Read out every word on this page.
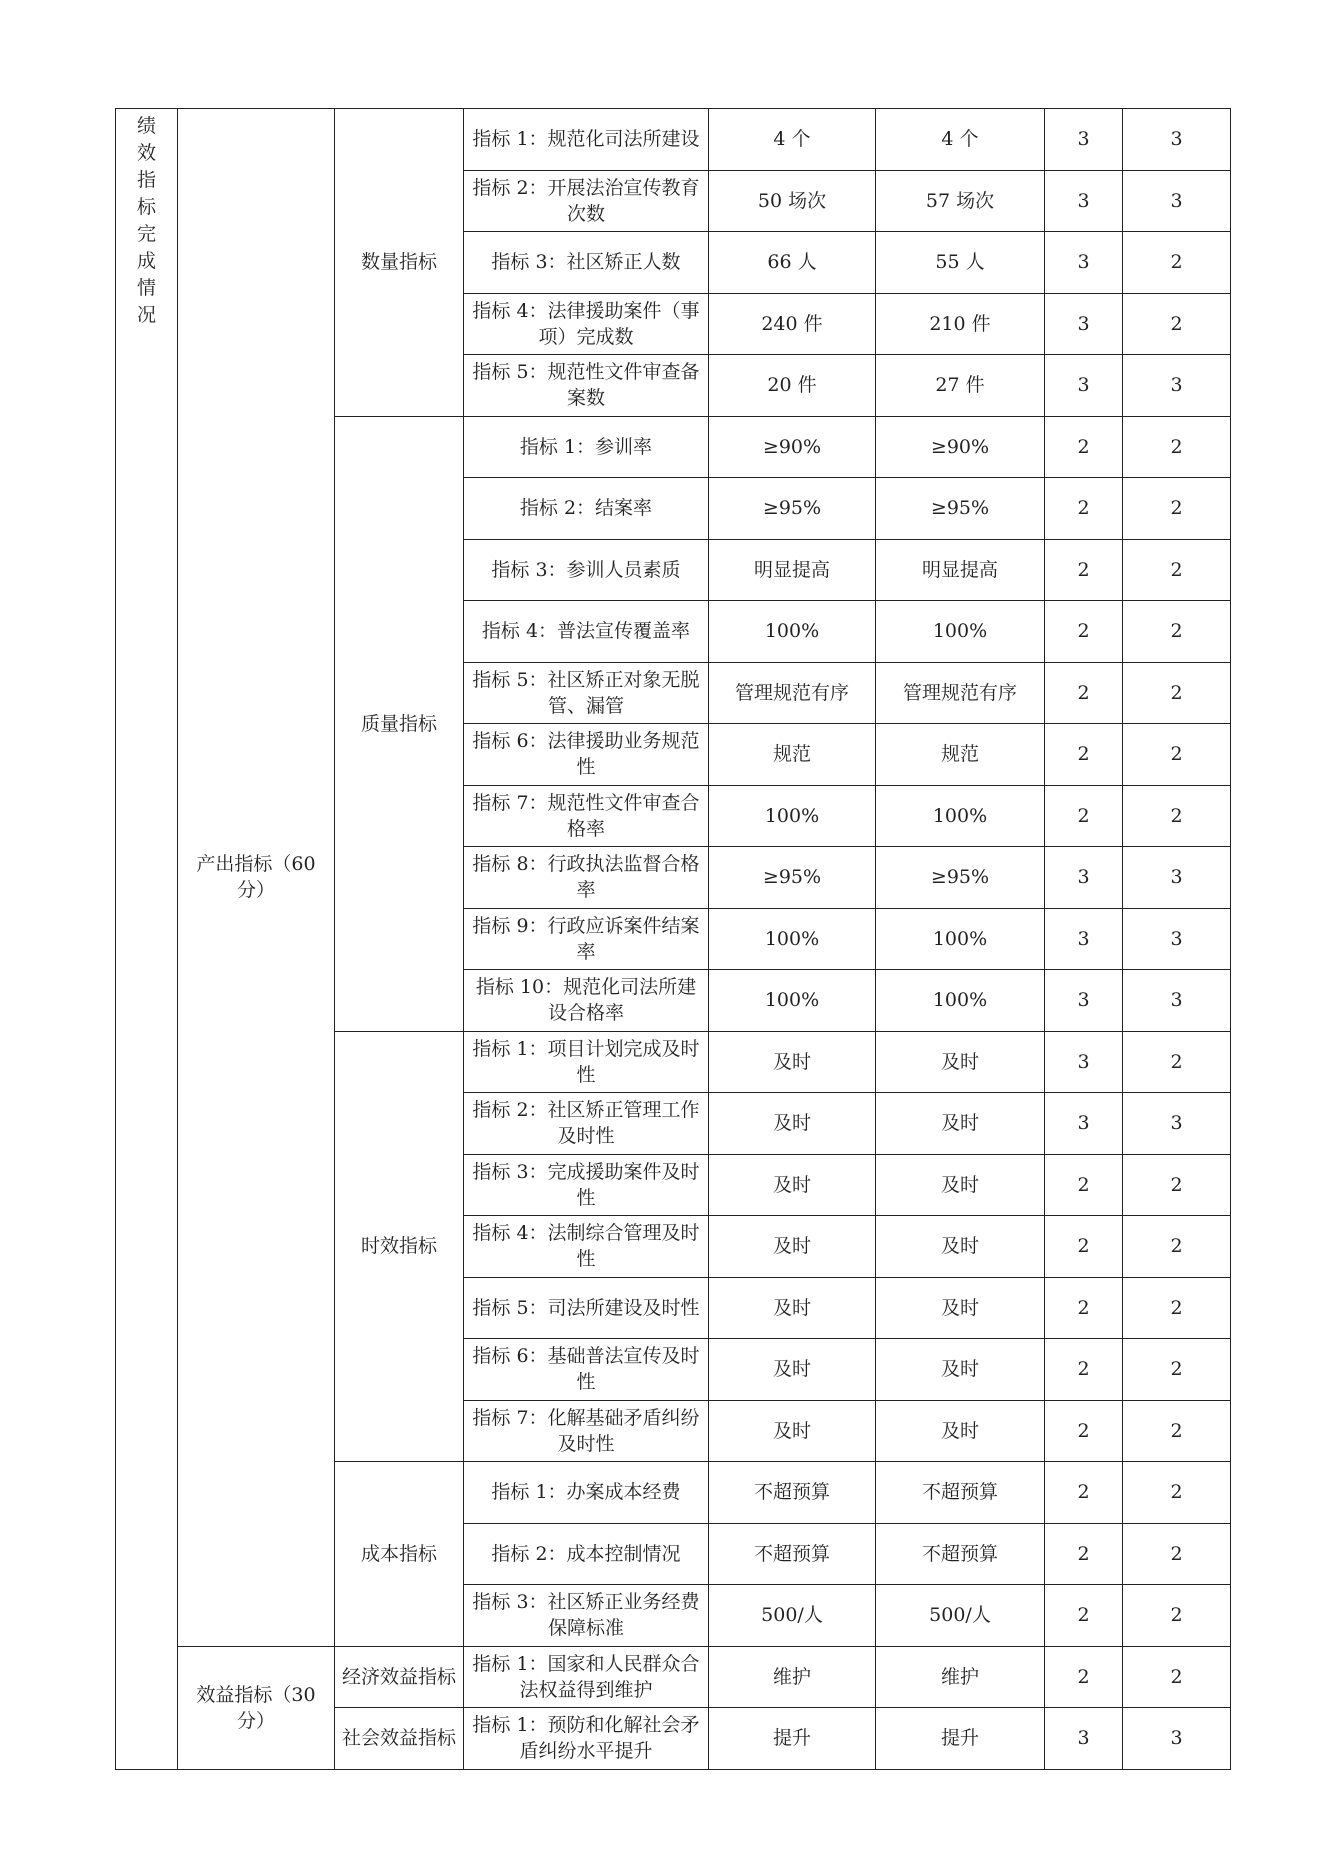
绩效指标完成情况	产出指标（60分）	数量指标	指标 1：规范化司法所建设	4 个	4 个	3	3
			指标 2：开展法治宣传教育次数	50 场次	57 场次	3	3
			指标 3：社区矫正人数	66 人	55 人	3	2
			指标 4：法律援助案件（事项）完成数	240 件	210 件	3	2
			指标 5：规范性文件审查备案数	20 件	27 件	3	3
		质量指标	指标 1：参训率	≥90%	≥90%	2	2
			指标 2：结案率	≥95%	≥95%	2	2
			指标 3：参训人员素质	明显提高	明显提高	2	2
			指标 4：普法宣传覆盖率	100%	100%	2	2
			指标 5：社区矫正对象无脱管、漏管	管理规范有序	管理规范有序	2	2
			指标 6：法律援助业务规范性	规范	规范	2	2
			指标 7：规范性文件审查合格率	100%	100%	2	2
			指标 8：行政执法监督合格率	≥95%	≥95%	3	3
			指标 9：行政应诉案件结案率	100%	100%	3	3
			指标 10：规范化司法所建设合格率	100%	100%	3	3
		时效指标	指标 1：项目计划完成及时性	及时	及时	3	2
			指标 2：社区矫正管理工作及时性	及时	及时	3	3
			指标 3：完成援助案件及时性	及时	及时	2	2
			指标 4：法制综合管理及时性	及时	及时	2	2
			指标 5：司法所建设及时性	及时	及时	2	2
			指标 6：基础普法宣传及时性	及时	及时	2	2
			指标 7：化解基础矛盾纠纷及时性	及时	及时	2	2
		成本指标	指标 1：办案成本经费	不超预算	不超预算	2	2
			指标 2：成本控制情况	不超预算	不超预算	2	2
			指标 3：社区矫正业务经费保障标准	500/人	500/人	2	2
	效益指标（30分）	经济效益指标	指标 1：国家和人民群众合法权益得到维护	维护	维护	2	2
		社会效益指标	指标 1：预防和化解社会矛盾纠纷水平提升	提升	提升	3	3
